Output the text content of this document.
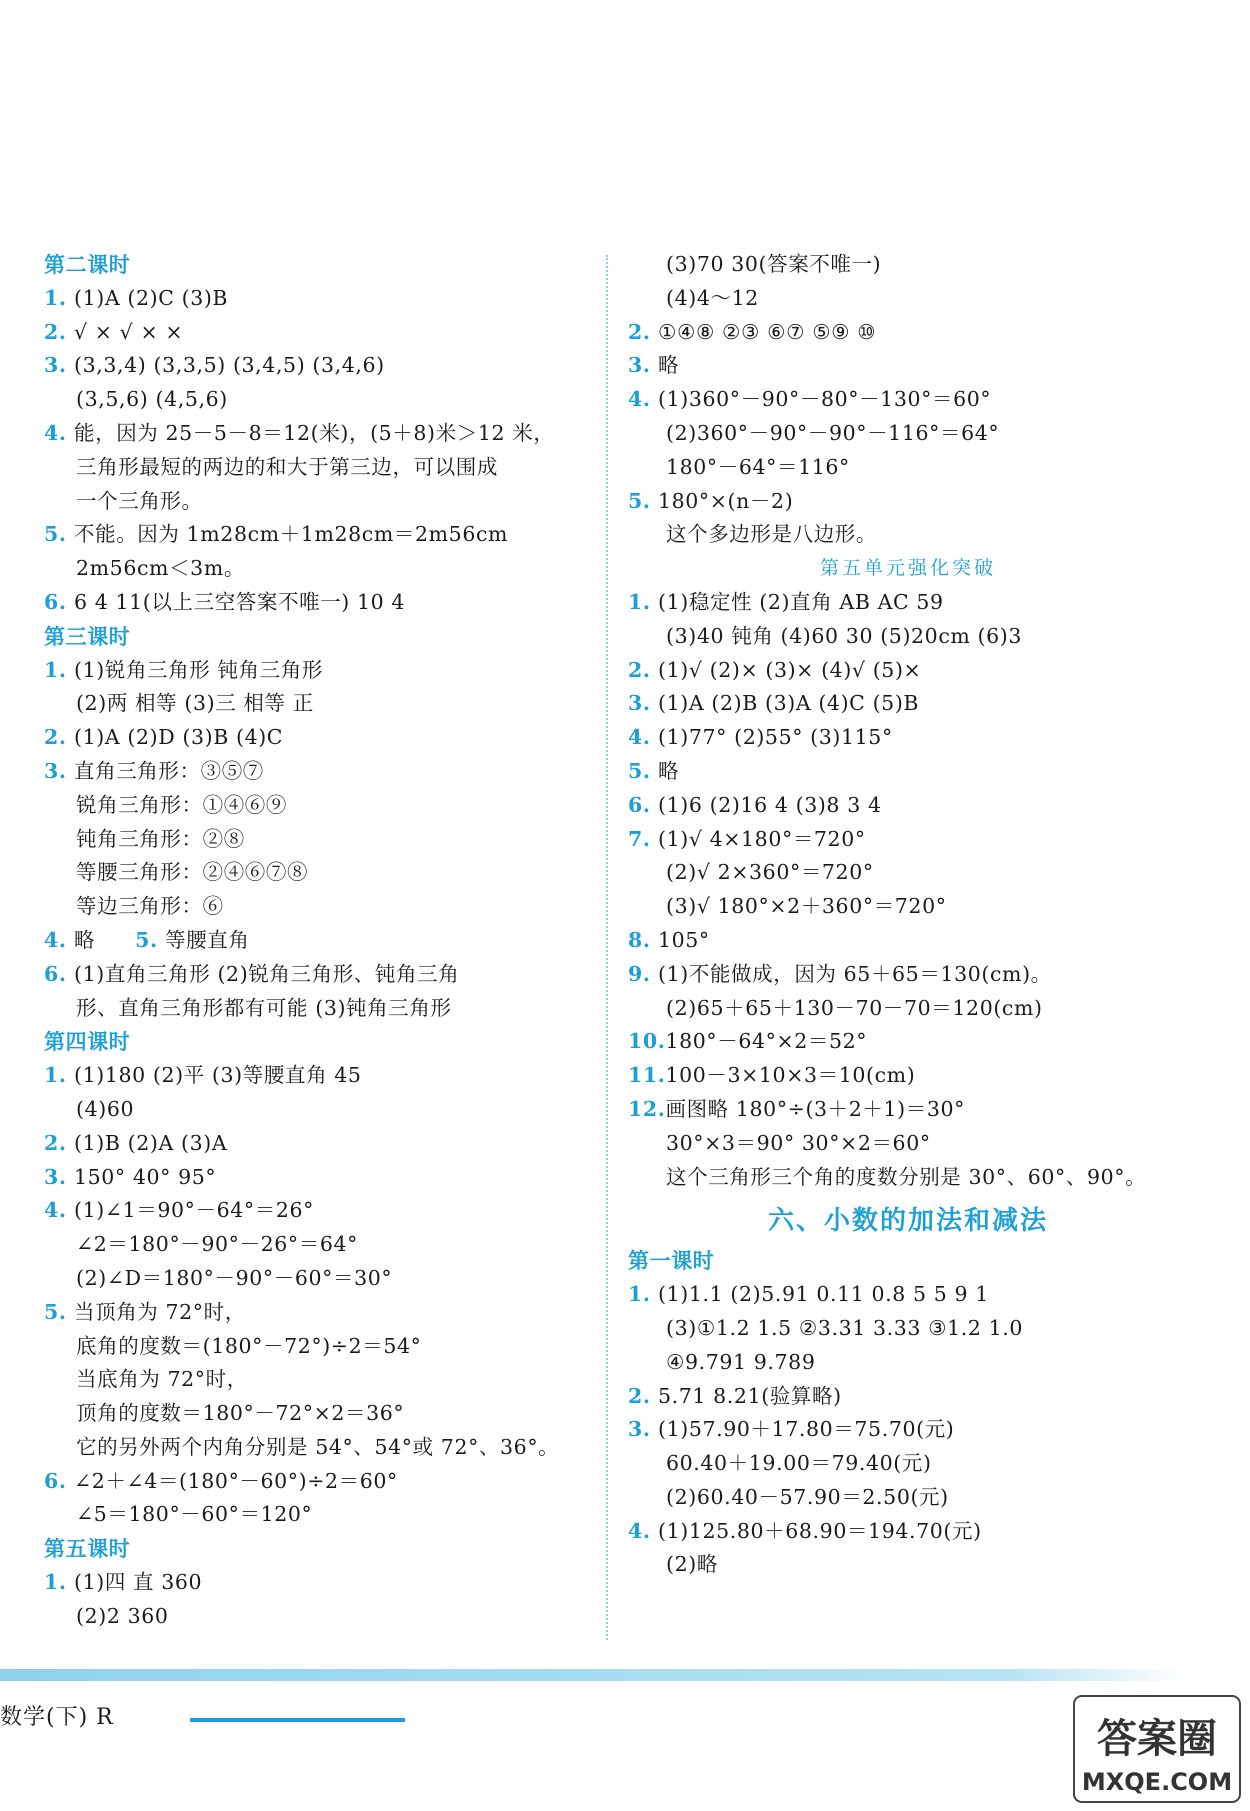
第二课时
1. (1)A (2)C (3)B
2. √ × √ × ×
3. (3,3,4) (3,3,5) (3,4,5) (3,4,6)
(3,5,6) (4,5,6)
4. 能，因为 25－5－8＝12(米)，(5＋8)米＞12 米，
三角形最短的两边的和大于第三边，可以围成
一个三角形。
5. 不能。因为 1m28cm＋1m28cm＝2m56cm
2m56cm＜3m。
6. 6 4 11(以上三空答案不唯一) 10 4
第三课时
1. (1)锐角三角形 钝角三角形
(2)两 相等 (3)三 相等 正
2. (1)A (2)D (3)B (4)C
3. 直角三角形：③⑤⑦
锐角三角形：①④⑥⑨
钝角三角形：②⑧
等腰三角形：②④⑥⑦⑧
等边三角形：⑥
4. 略 5. 等腰直角
6. (1)直角三角形 (2)锐角三角形、钝角三角
形、直角三角形都有可能 (3)钝角三角形
第四课时
1. (1)180 (2)平 (3)等腰直角 45
(4)60
2. (1)B (2)A (3)A
3. 150° 40° 95°
4. (1)∠1＝90°－64°＝26°
∠2＝180°－90°－26°＝64°
(2)∠D＝180°－90°－60°＝30°
5. 当顶角为 72°时，
底角的度数＝(180°－72°)÷2＝54°
当底角为 72°时，
顶角的度数＝180°－72°×2＝36°
它的另外两个内角分别是 54°、54°或 72°、36°。
6. ∠2＋∠4＝(180°－60°)÷2＝60°
∠5＝180°－60°＝120°
第五课时
1. (1)四 直 360
(2)2 360
(3)70 30(答案不唯一)
(4)4～12
2. ①④⑧ ②③ ⑥⑦ ⑤⑨ ⑩
3. 略
4. (1)360°－90°－80°－130°＝60°
(2)360°－90°－90°－116°＝64°
180°－64°＝116°
5. 180°×(n－2)
这个多边形是八边形。
第五单元强化突破
1. (1)稳定性 (2)直角 AB AC 59
(3)40 钝角 (4)60 30 (5)20cm (6)3
2. (1)√ (2)× (3)× (4)√ (5)×
3. (1)A (2)B (3)A (4)C (5)B
4. (1)77° (2)55° (3)115°
5. 略
6. (1)6 (2)16 4 (3)8 3 4
7. (1)√ 4×180°＝720°
(2)√ 2×360°＝720°
(3)√ 180°×2＋360°＝720°
8. 105°
9. (1)不能做成，因为 65＋65＝130(cm)。
(2)65＋65＋130－70－70＝120(cm)
10.180°－64°×2＝52°
11.100－3×10×3＝10(cm)
12.画图略 180°÷(3＋2＋1)＝30°
30°×3＝90° 30°×2＝60°
这个三角形三个角的度数分别是 30°、60°、90°。
六、小数的加法和减法
第一课时
1. (1)1.1 (2)5.91 0.11 0.8 5 5 9 1
(3)①1.2 1.5 ②3.31 3.33 ③1.2 1.0
④9.791 9.789
2. 5.71 8.21(验算略)
3. (1)57.90＋17.80＝75.70(元)
60.40＋19.00＝79.40(元)
(2)60.40－57.90＝2.50(元)
4. (1)125.80＋68.90＝194.70(元)
(2)略
数学(下) R	答案圈
MXQE.COM
